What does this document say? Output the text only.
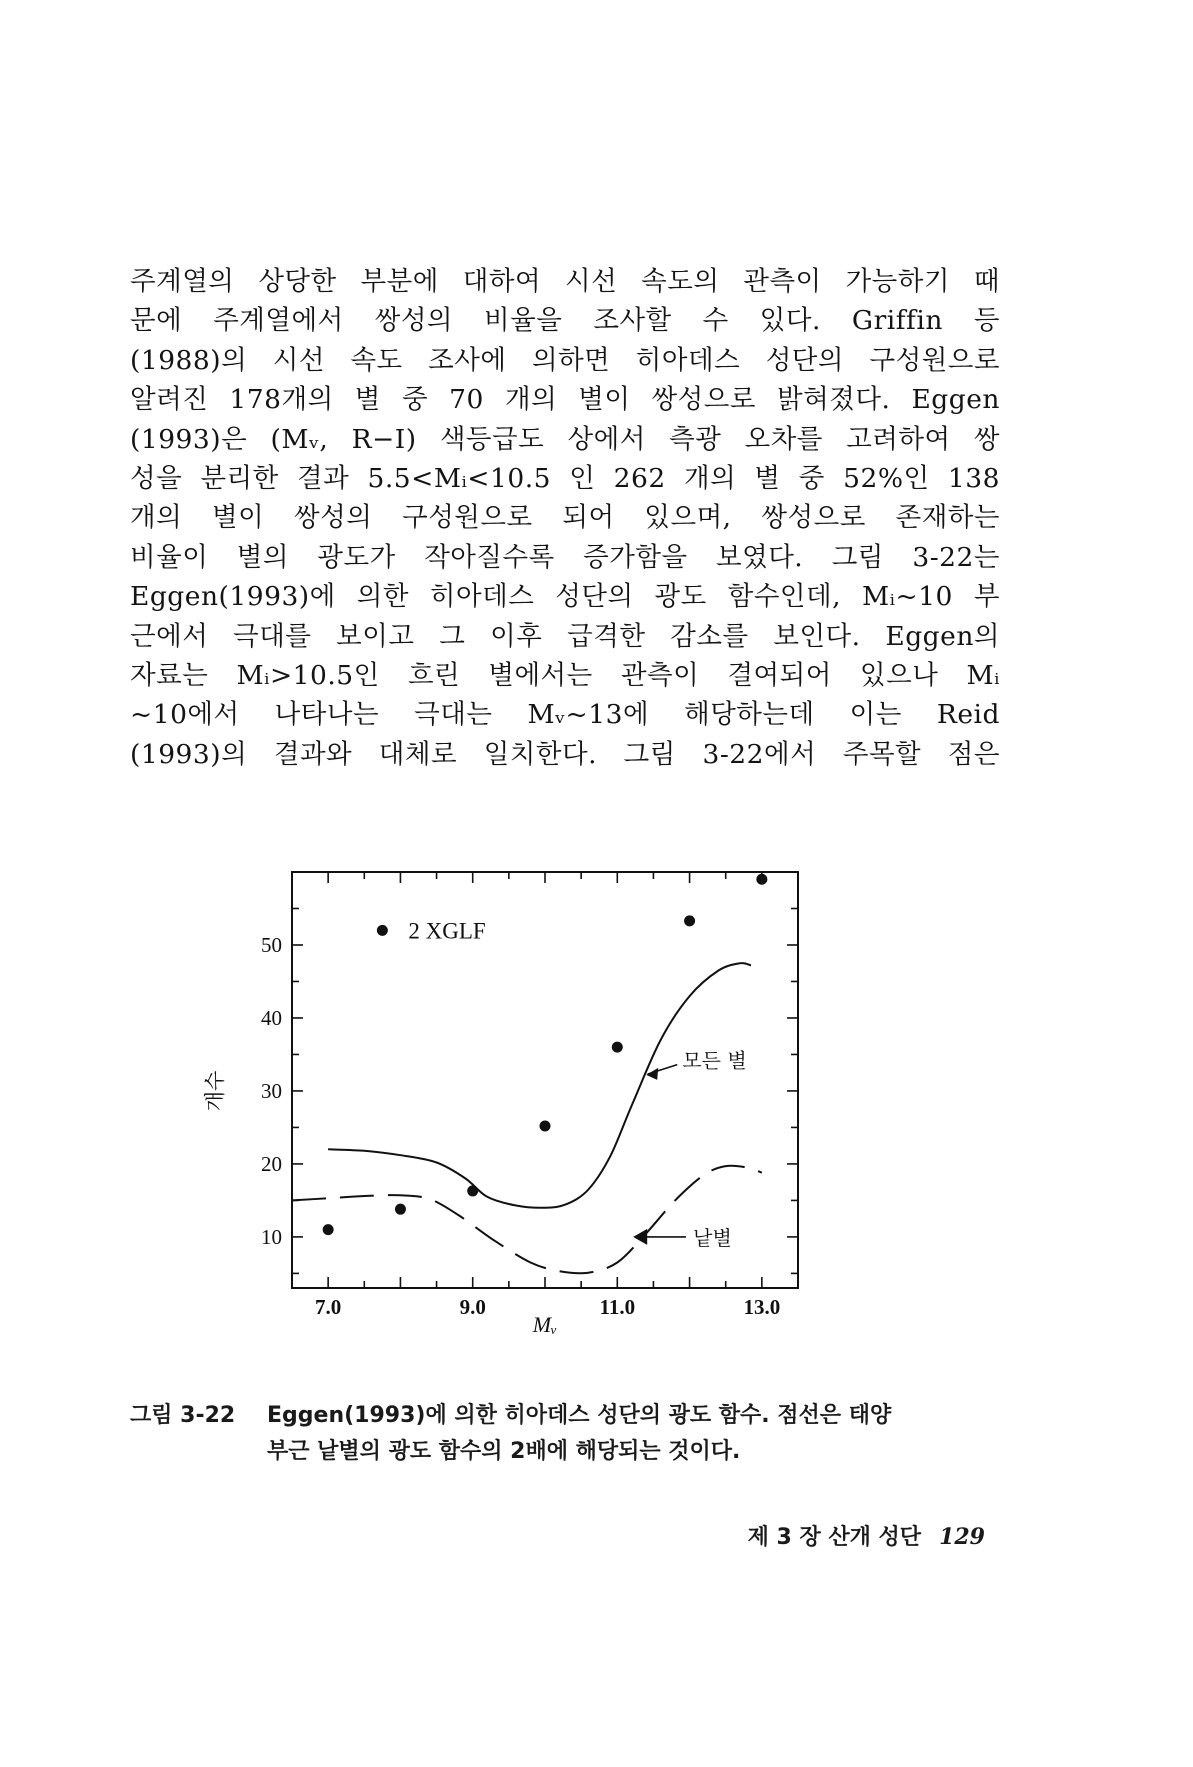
주계열의 상당한 부분에 대하여 시선 속도의 관측이 가능하기 때
문에 주계열에서 쌍성의 비율을 조사할 수 있다. Griffin 등
(1988)의 시선 속도 조사에 의하면 히아데스 성단의 구성원으로
알려진 178개의 별 중 70 개의 별이 쌍성으로 밝혀졌다. Eggen
(1993)은 (Mᵥ, R−I) 색등급도 상에서 측광 오차를 고려하여 쌍
성을 분리한 결과 5.5<Mᵢ<10.5 인 262 개의 별 중 52%인 138
개의 별이 쌍성의 구성원으로 되어 있으며, 쌍성으로 존재하는
비율이 별의 광도가 작아질수록 증가함을 보였다. 그림 3-22는
Eggen(1993)에 의한 히아데스 성단의 광도 함수인데, Mᵢ~10 부
근에서 극대를 보이고 그 이후 급격한 감소를 보인다. Eggen의
자료는 Mᵢ>10.5인 흐린 별에서는 관측이 결여되어 있으나 Mᵢ
~10에서 나타나는 극대는 Mᵥ~13에 해당하는데 이는 Reid
(1993)의 결과와 대체로 일치한다. 그림 3-22에서 주목할 점은
7.0	9.0	11.0	13.0
10
20
30
40
50
Mᵥ
개수
2 XGLF
모든 별
낱별
그림 3-22 Eggen(1993)에 의한 히아데스 성단의 광도 함수. 점선은 태양
부근 낱별의 광도 함수의 2배에 해당되는 것이다.
제 3 장 산개 성단 129
